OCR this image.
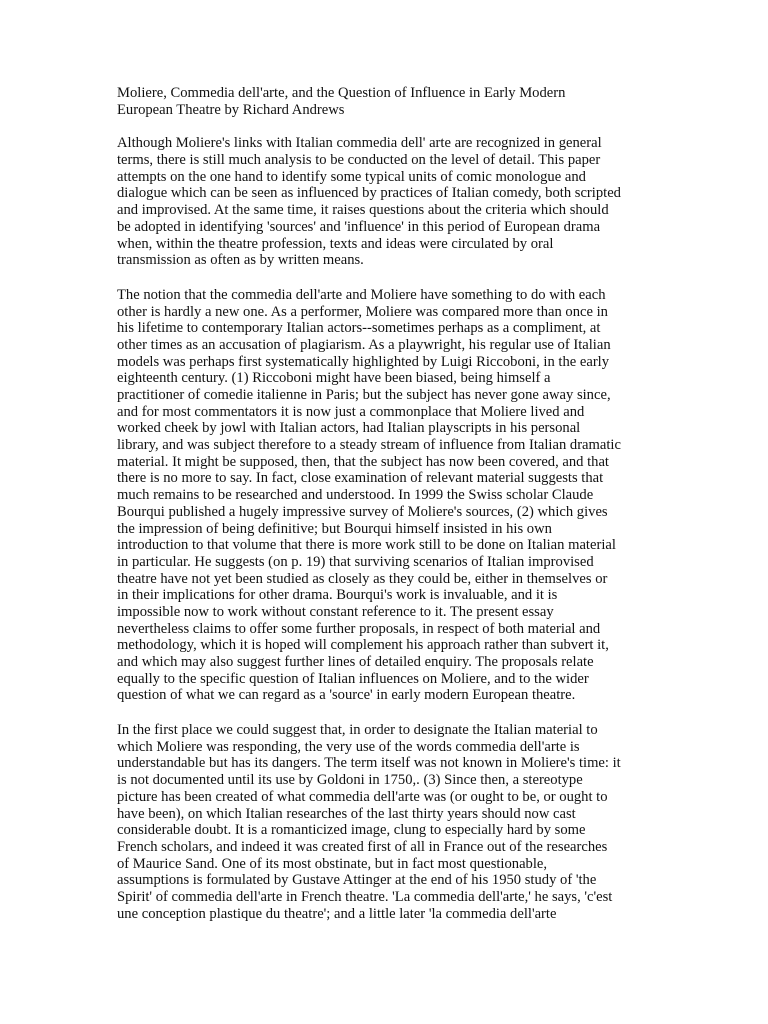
Moliere, Commedia dell'arte, and the Question of Influence in Early Modern
European Theatre by Richard Andrews
Although Moliere's links with Italian commedia dell' arte are recognized in general
terms, there is still much analysis to be conducted on the level of detail. This paper
attempts on the one hand to identify some typical units of comic monologue and
dialogue which can be seen as influenced by practices of Italian comedy, both scripted
and improvised. At the same time, it raises questions about the criteria which should
be adopted in identifying 'sources' and 'influence' in this period of European drama
when, within the theatre profession, texts and ideas were circulated by oral
transmission as often as by written means.
The notion that the commedia dell'arte and Moliere have something to do with each
other is hardly a new one. As a performer, Moliere was compared more than once in
his lifetime to contemporary Italian actors--sometimes perhaps as a compliment, at
other times as an accusation of plagiarism. As a playwright, his regular use of Italian
models was perhaps first systematically highlighted by Luigi Riccoboni, in the early
eighteenth century. (1) Riccoboni might have been biased, being himself a
practitioner of comedie italienne in Paris; but the subject has never gone away since,
and for most commentators it is now just a commonplace that Moliere lived and
worked cheek by jowl with Italian actors, had Italian playscripts in his personal
library, and was subject therefore to a steady stream of influence from Italian dramatic
material. It might be supposed, then, that the subject has now been covered, and that
there is no more to say. In fact, close examination of relevant material suggests that
much remains to be researched and understood. In 1999 the Swiss scholar Claude
Bourqui published a hugely impressive survey of Moliere's sources, (2) which gives
the impression of being definitive; but Bourqui himself insisted in his own
introduction to that volume that there is more work still to be done on Italian material
in particular. He suggests (on p. 19) that surviving scenarios of Italian improvised
theatre have not yet been studied as closely as they could be, either in themselves or
in their implications for other drama. Bourqui's work is invaluable, and it is
impossible now to work without constant reference to it. The present essay
nevertheless claims to offer some further proposals, in respect of both material and
methodology, which it is hoped will complement his approach rather than subvert it,
and which may also suggest further lines of detailed enquiry. The proposals relate
equally to the specific question of Italian influences on Moliere, and to the wider
question of what we can regard as a 'source' in early modern European theatre.
In the first place we could suggest that, in order to designate the Italian material to
which Moliere was responding, the very use of the words commedia dell'arte is
understandable but has its dangers. The term itself was not known in Moliere's time: it
is not documented until its use by Goldoni in 1750,. (3) Since then, a stereotype
picture has been created of what commedia dell'arte was (or ought to be, or ought to
have been), on which Italian researches of the last thirty years should now cast
considerable doubt. It is a romanticized image, clung to especially hard by some
French scholars, and indeed it was created first of all in France out of the researches
of Maurice Sand. One of its most obstinate, but in fact most questionable,
assumptions is formulated by Gustave Attinger at the end of his 1950 study of 'the
Spirit' of commedia dell'arte in French theatre. 'La commedia dell'arte,' he says, 'c'est
une conception plastique du theatre'; and a little later 'la commedia dell'arte
